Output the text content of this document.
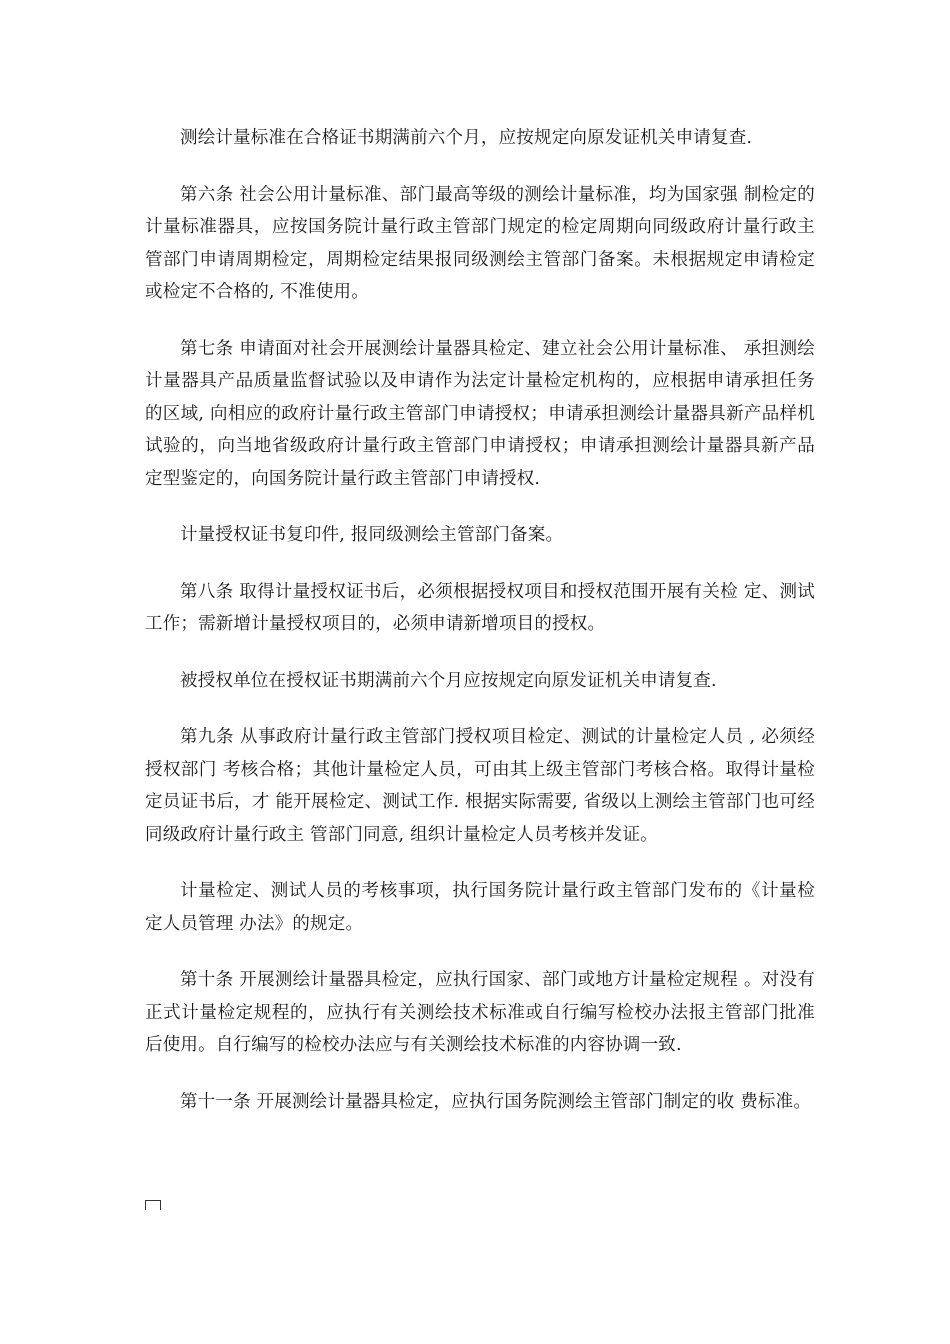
测绘计量标准在合格证书期满前六个月，应按规定向原发证机关申请复查.

第六条 社会公用计量标准、部门最高等级的测绘计量标准，均为国家强 制检定的计量标准器具，应按国务院计量行政主管部门规定的检定周期向同级政府计量行政主管部门申请周期检定，周期检定结果报同级测绘主管部门备案。未根据规定申请检定或检定不合格的, 不准使用。

第七条 申请面对社会开展测绘计量器具检定、建立社会公用计量标准、 承担测绘计量器具产品质量监督试验以及申请作为法定计量检定机构的，应根据申请承担任务的区域, 向相应的政府计量行政主管部门申请授权；申请承担测绘计量器具新产品样机试验的，向当地省级政府计量行政主管部门申请授权；申请承担测绘计量器具新产品定型鉴定的，向国务院计量行政主管部门申请授权.

计量授权证书复印件, 报同级测绘主管部门备案。

第八条 取得计量授权证书后，必须根据授权项目和授权范围开展有关检 定、测试工作；需新增计量授权项目的，必须申请新增项目的授权。

被授权单位在授权证书期满前六个月应按规定向原发证机关申请复查.

第九条 从事政府计量行政主管部门授权项目检定、测试的计量检定人员 , 必须经授权部门 考核合格；其他计量检定人员，可由其上级主管部门考核合格。取得计量检定员证书后，才 能开展检定、测试工作. 根据实际需要, 省级以上测绘主管部门也可经同级政府计量行政主 管部门同意, 组织计量检定人员考核并发证。

计量检定、测试人员的考核事项，执行国务院计量行政主管部门发布的《计量检定人员管理 办法》的规定。

第十条 开展测绘计量器具检定，应执行国家、部门或地方计量检定规程 。对没有正式计量检定规程的，应执行有关测绘技术标准或自行编写检校办法报主管部门批准后使用。自行编写的检校办法应与有关测绘技术标准的内容协调一致.

第十一条 开展测绘计量器具检定，应执行国务院测绘主管部门制定的收 费标准。
